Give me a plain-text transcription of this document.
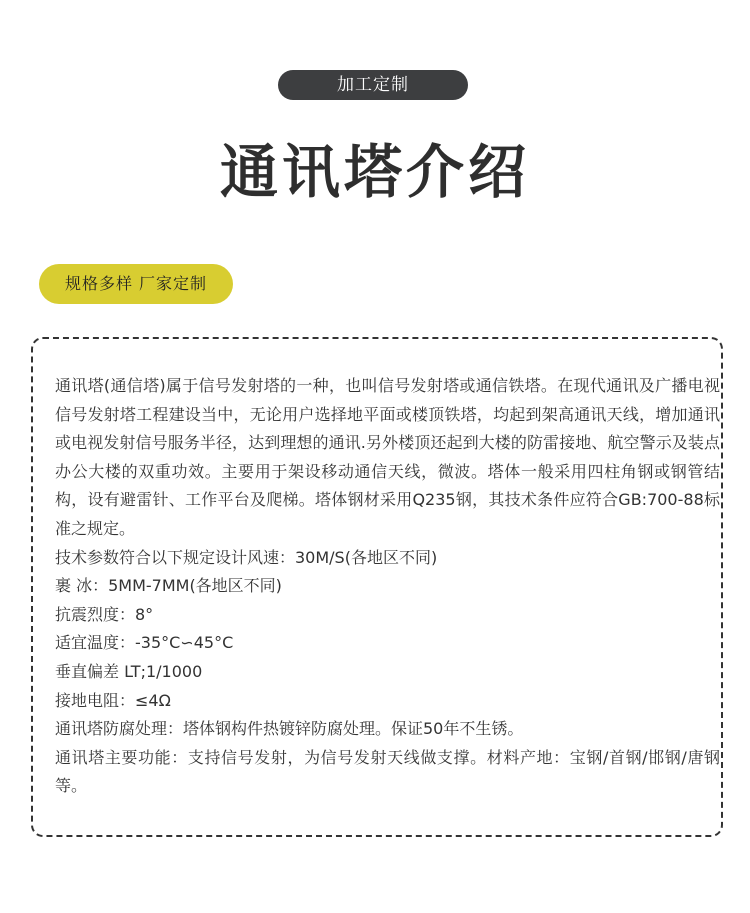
加工定制
通讯塔介绍
规格多样 厂家定制

通讯塔(通信塔)属于信号发射塔的一种，也叫信号发射塔或通信铁塔。在现代通讯及广播电视信号发射塔工程建设当中，无论用户选择地平面或楼顶铁塔，均起到架高通讯天线，增加通讯或电视发射信号服务半径，达到理想的通讯.另外楼顶还起到大楼的防雷接地、航空警示及装点办公大楼的双重功效。主要用于架设移动通信天线，微波。塔体一般采用四柱角钢或钢管结构，设有避雷针、工作平台及爬梯。塔体钢材采用Q235钢，其技术条件应符合GB:700-88标准之规定。

技术参数符合以下规定设计风速：30M/S(各地区不同)

裹 冰：5MM-7MM(各地区不同)

抗震烈度：8°

适宜温度：-35°C∽45°C

垂直偏差 LT;1/1000

接地电阻：≤4Ω

通讯塔防腐处理：塔体钢构件热镀锌防腐处理。保证50年不生锈。

通讯塔主要功能：支持信号发射，为信号发射天线做支撑。材料产地：宝钢/首钢/邯钢/唐钢等。
